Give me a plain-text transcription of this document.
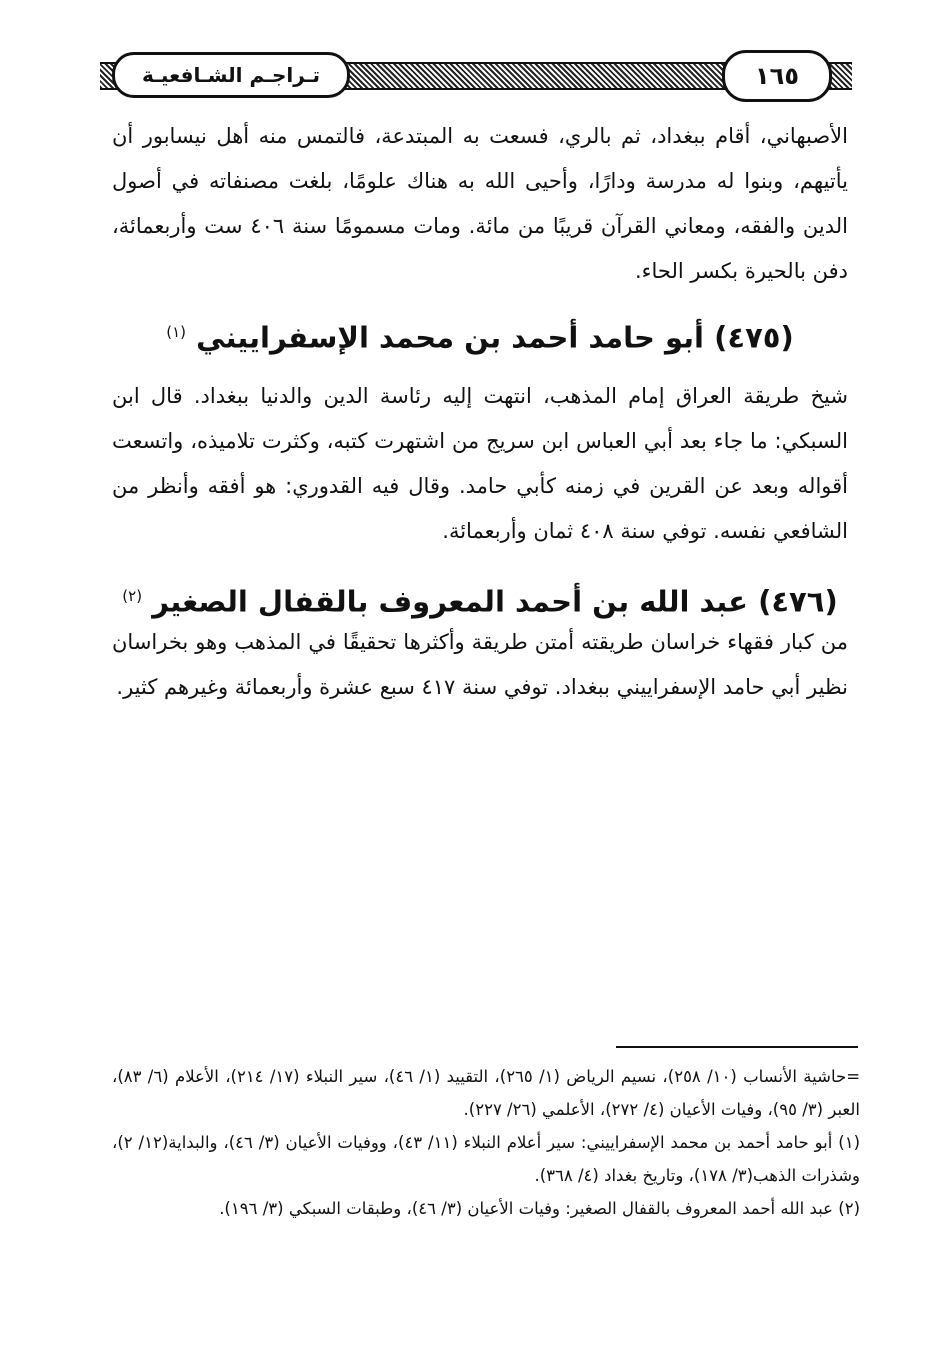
تـراجـم الشـافعيـة	١٦٥

الأصبهاني، أقام ببغداد، ثم بالري، فسعت به المبتدعة، فالتمس منه أهل نيسابور أن يأتيهم، وبنوا له مدرسة ودارًا، وأحيى الله به هناك علومًا، بلغت مصنفاته في أصول الدين والفقه، ومعاني القرآن قريبًا من مائة. ومات مسمومًا سنة ٤٠٦ ست وأربعمائة، دفن بالحيرة بكسر الحاء.

(٤٧٥) أبو حامد أحمد بن محمد الإسفراييني $^{(١)}$

شيخ طريقة العراق إمام المذهب، انتهت إليه رئاسة الدين والدنيا ببغداد. قال ابن السبكي: ما جاء بعد أبي العباس ابن سريج من اشتهرت كتبه، وكثرت تلاميذه، واتسعت أقواله وبعد عن القرين في زمنه كأبي حامد. وقال فيه القدوري: هو أفقه وأنظر من الشافعي نفسه. توفي سنة ٤٠٨ ثمان وأربعمائة.

(٤٧٦) عبد الله بن أحمد المعروف بالقفال الصغير $^{(٢)}$

من كبار فقهاء خراسان طريقته أمتن طريقة وأكثرها تحقيقًا في المذهب وهو بخراسان نظير أبي حامد الإسفراييني ببغداد. توفي سنة ٤١٧ سبع عشرة وأربعمائة وغيرهم كثير.

=حاشية الأنساب (١٠/ ٢٥٨)، نسيم الرياض (١/ ٢٦٥)، التقييد (١/ ٤٦)، سير النبلاء (١٧/ ٢١٤)، الأعلام (٦/ ٨٣)، العبر (٣/ ٩٥)، وفيات الأعيان (٤/ ٢٧٢)، الأعلمي (٢٦/ ٢٢٧).

(١) أبو حامد أحمد بن محمد الإسفراييني: سير أعلام النبلاء (١١/ ٤٣)، ووفيات الأعيان (٣/ ٤٦)، والبداية(١٢/ ٢)، وشذرات الذهب(٣/ ١٧٨)، وتاريخ بغداد (٤/ ٣٦٨).

(٢) عبد الله أحمد المعروف بالقفال الصغير: وفيات الأعيان (٣/ ٤٦)، وطبقات السبكي (٣/ ١٩٦).
